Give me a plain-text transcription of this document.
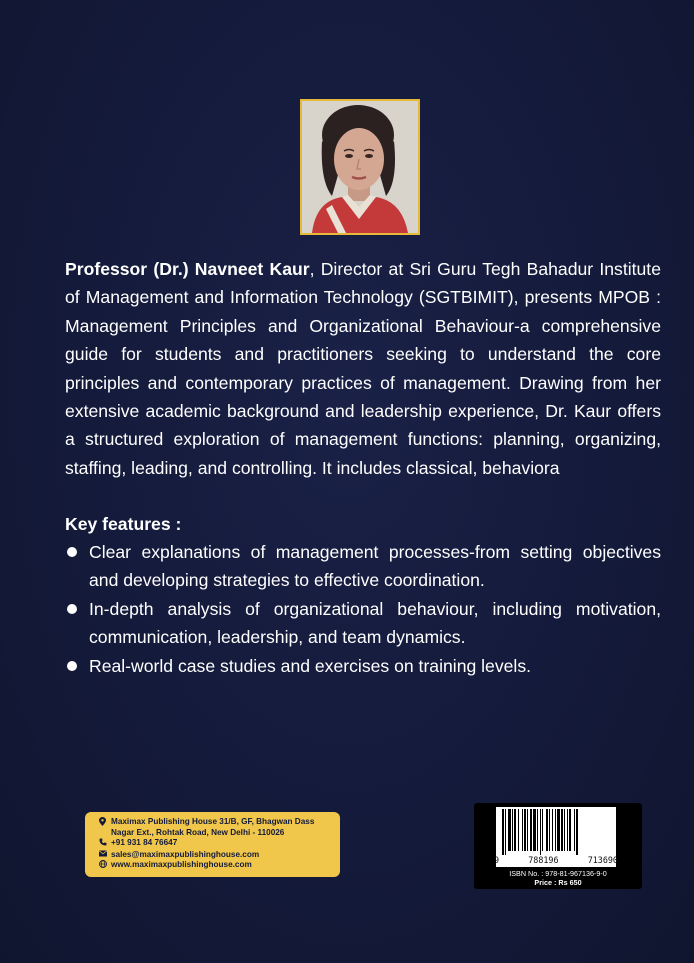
Professor (Dr.) Navneet Kaur, Director at Sri Guru Tegh Bahadur Institute of Management and Information Technology (SGTBIMIT), presents MPOB : Management Principles and Organizational Behaviour-a comprehensive guide for students and practitioners seeking to understand the core principles and contemporary practices of management. Drawing from her extensive academic background and leadership experience, Dr. Kaur offers a structured exploration of management functions: planning, organizing, staffing, leading, and controlling. It includes classical, behaviora

Key features :

Clear explanations of management processes-from setting objectives and developing strategies to effective coordination.
In-depth analysis of organizational behaviour, including motivation, communication, leadership, and team dynamics.
Real-world case studies and exercises on training levels.
Maximax Publishing House 31/B, GF, Bhagwan Dass Nagar Ext., Rohtak Road, New Delhi - 110026
+91 931 84 76647
sales@maximaxpublishinghouse.com
www.maximaxpublishinghouse.com	9	788196	713690
ISBN No. : 978-81-967136-9-0
Price : Rs 650
